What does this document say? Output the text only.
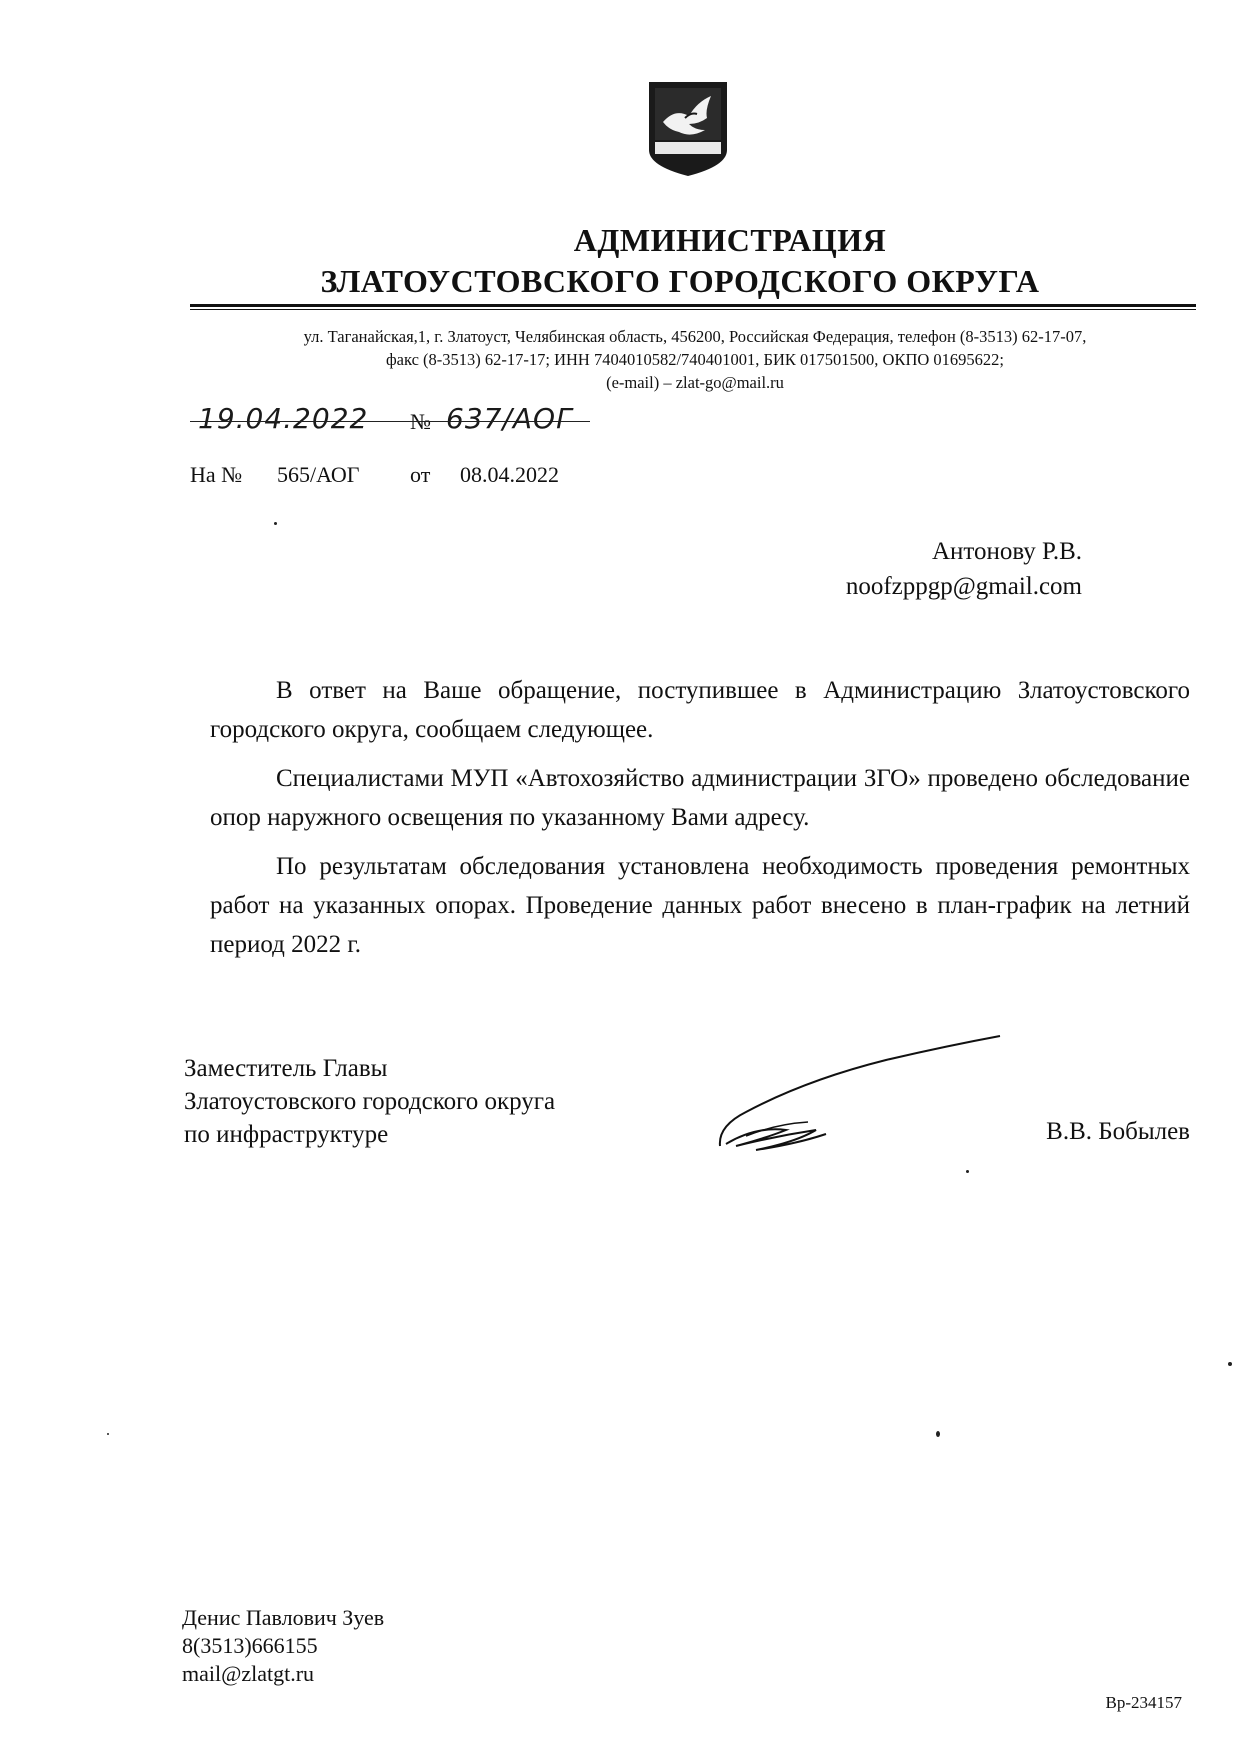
АДМИНИСТРАЦИЯ
ЗЛАТОУСТОВСКОГО ГОРОДСКОГО ОКРУГА
ул. Таганайская,1, г. Златоуст, Челябинская область, 456200, Российская Федерация, телефон (8-3513) 62-17-07,
факс (8-3513) 62-17-17; ИНН 7404010582/740401001, БИК 017501500, ОКПО 01695622;
(e-mail) – zlat-go@mail.ru
19.04.2022 № 637/АОГ
На № 565/АОГ от 08.04.2022
Антонову Р.В.
noofzppgp@gmail.com

В ответ на Ваше обращение, поступившее в Администрацию Златоустовского городского округа, сообщаем следующее.

Специалистами МУП «Автохозяйство администрации ЗГО» проведено обследование опор наружного освещения по указанному Вами адресу.

По результатам обследования установлена необходимость проведения ремонтных работ на указанных опорах. Проведение данных работ внесено в план-график на летний период 2022 г.

Заместитель Главы
Златоустовского городского округа
по инфраструктуре	В.В. Бобылев
Денис Павлович Зуев
8(3513)666155
mail@zlatgt.ru
Вр-234157
